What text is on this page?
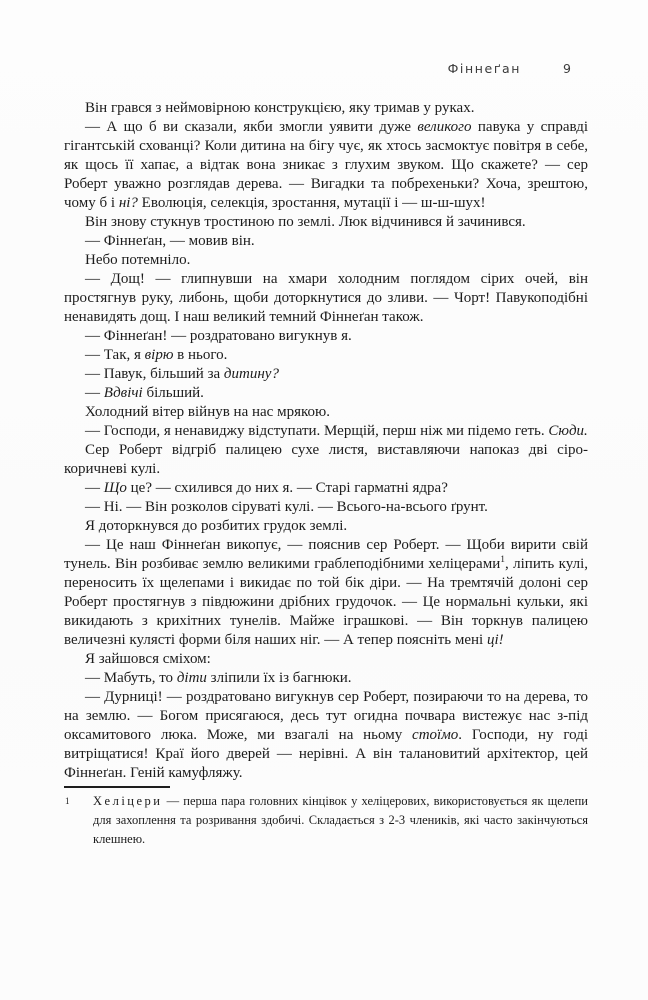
Фіннеґан	9

Він грався з неймовірною конструкцією, яку тримав у руках.

— А що б ви сказали, якби змогли уявити дуже великого павука у справді гігантській схованці? Коли дитина на бігу чує, як хтось засмоктує повітря в себе, як щось її хапає, а відтак вона зникає з глухим звуком. Що скажете? — сер Роберт уважно розглядав дерева. — Вигадки та побрехеньки? Хоча, зрештою, чому б і ні? Еволюція, селекція, зростання, мутації і — ш-ш-шух!

Він знову стукнув тростиною по землі. Люк відчинився й зачинився.

— Фіннеґан, — мовив він.

Небо потемніло.

— Дощ! — глипнувши на хмари холодним поглядом сірих очей, він простягнув руку, либонь, щоби доторкнутися до зливи. — Чорт! Павукоподібні ненавидять дощ. І наш великий темний Фіннеґан також.

— Фіннеґан! — роздратовано вигукнув я.

— Так, я вірю в нього.

— Павук, більший за дитину?

— Вдвічі більший.

Холодний вітер війнув на нас мрякою.

— Господи, я ненавиджу відступати. Мерщій, перш ніж ми підемо геть. Сюди.

Сер Роберт відгріб палицею сухе листя, виставляючи напоказ дві сіро-коричневі кулі.

— Що це? — схилився до них я. — Старі гарматні ядра?

— Ні. — Він розколов сіруваті кулі. — Всього-на-всього ґрунт.

Я доторкнувся до розбитих грудок землі.

— Це наш Фіннеґан викопує, — пояснив сер Роберт. — Щоби вирити свій тунель. Він розбиває землю великими граблеподібними хеліцерами$^1$, ліпить кулі, переносить їх щелепами і викидає по той бік діри. — На тремтячій долоні сер Роберт простягнув з півдюжини дрібних грудочок. — Це нормальні кульки, які викидають з крихітних тунелів. Майже іграшкові. — Він торкнув палицею величезні кулясті форми біля наших ніг. — А тепер поясніть мені ці!

Я зайшовся сміхом:

— Мабуть, то діти зліпили їх із багнюки.

— Дурниці! — роздратовано вигукнув сер Роберт, позираючи то на дерева, то на землю. — Богом присягаюся, десь тут огидна почвара вистежує нас з-під оксамитового люка. Може, ми взагалі на ньому стоїмо. Господи, ну годі витріщатися! Краї його дверей — нерівні. А він талановитий архітектор, цей Фіннеґан. Геній камуфляжу.

1 Хеліцери — перша пара головних кінцівок у хеліцерових, використовується як щелепи для захоплення та розривання здобичі. Складається з 2-3 члеників, які часто закінчуються клешнею.
